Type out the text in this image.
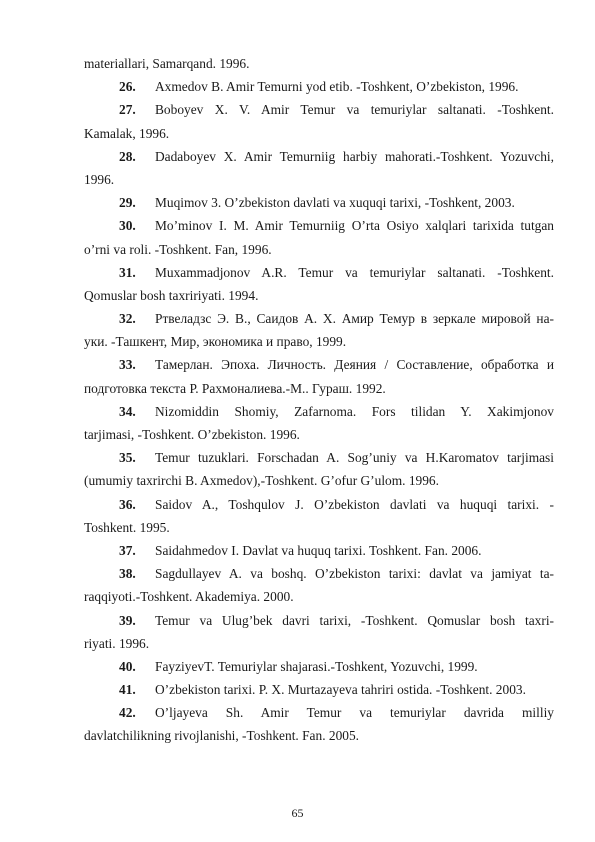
materiallari, Samarqand. 1996.
26.	Axmedov B. Amir Temurni yod etib. -Toshkent, O’zbekiston, 1996.
27.	Boboyev X. V. Amir Temur va temuriylar saltanati. -Toshkent.
Kamalak, 1996.
28.	Dadaboyev X. Amir Temurniig harbiy mahorati.-Toshkent. Yozuvchi,
1996.
29.	Muqimov 3. O’zbekiston davlati va xuquqi tarixi, -Toshkent, 2003.
30.	Mo’minov I. M. Amir Temurniig O’rta Osiyo xalqlari tarixida tutgan
o’rni va roli. -Toshkent. Fan, 1996.
31.	Muxammadjonov A.R. Temur va temuriylar saltanati. -Toshkent.
Qomuslar bosh taxririyati. 1994.
32.	Ртвеладзс Э. В., Саидов А. Х. Амир Темур в зеркале мировой на-
уки. -Ташкент, Мир, экономика и право, 1999.
33.	Тамерлан. Эпоха. Личность. Деяния / Составление, обработка и
подготовка текста Р. Рахмоналиева.-М.. Гураш. 1992.
34.	Nizomiddin Shomiy, Zafarnoma. Fors tilidan Y. Xakimjonov
tarjimasi, -Toshkent. O’zbekiston. 1996.
35.	Temur tuzuklari. Forschadan A. Sog’uniy va H.Karomatov tarjimasi
(umumiy taxrirchi B. Axmedov),-Toshkent. G’ofur G’ulom. 1996.
36.	Saidov A., Toshqulov J. O’zbekiston davlati va huquqi tarixi. -
Toshkent. 1995.
37.	Saidahmedov I. Davlat va huquq tarixi. Toshkent. Fan. 2006.
38.	Sagdullayev A. va boshq. O’zbekiston tarixi: davlat va jamiyat ta-
raqqiyoti.-Toshkent. Akademiya. 2000.
39.	Temur va Ulug’bek davri tarixi, -Toshkent. Qomuslar bosh taxri-
riyati. 1996.
40.	FayziyevT. Temuriylar shajarasi.-Toshkent, Yozuvchi, 1999.
41.	O’zbekiston tarixi. P. X. Murtazayeva tahriri ostida. -Toshkent. 2003.
42.	O’ljayeva Sh. Amir Temur va temuriylar davrida milliy
davlatchilikning rivojlanishi, -Toshkent. Fan. 2005.
65
